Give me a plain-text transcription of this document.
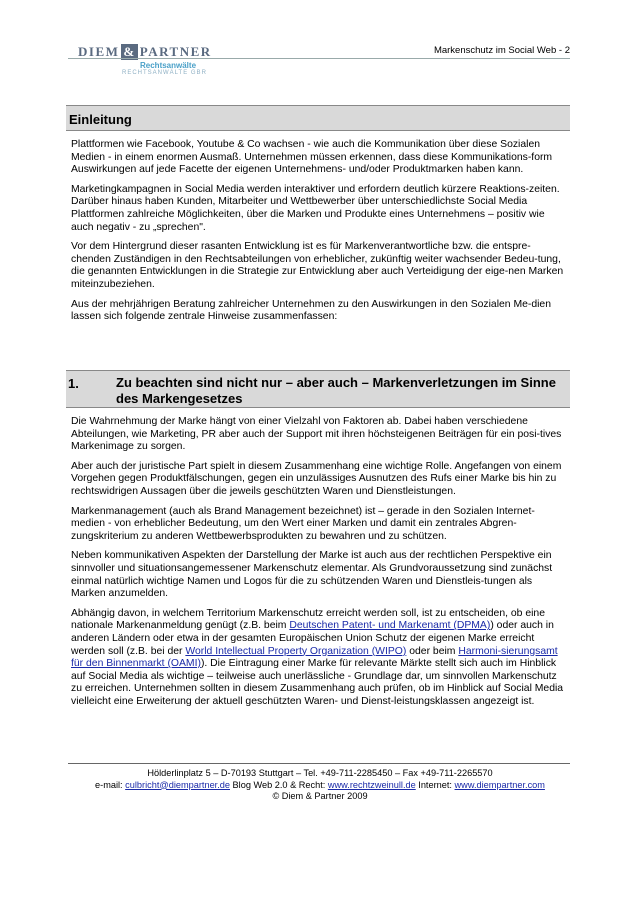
DIEM & PARTNER
Rechtsanwälte
RECHTSANWÄLTE GBR
Markenschutz im Social Web - 2
Einleitung

Plattformen wie Facebook, Youtube & Co wachsen - wie auch die Kommunikation über diese Sozialen Medien - in einem enormen Ausmaß. Unternehmen müssen erkennen, dass diese Kommunikations-form Auswirkungen auf jede Facette der eigenen Unternehmens- und/oder Produktmarken haben kann.

Marketingkampagnen in Social Media werden interaktiver und erfordern deutlich kürzere Reaktions-zeiten. Darüber hinaus haben Kunden, Mitarbeiter und Wettbewerber über unterschiedlichste Social Media Plattformen zahlreiche Möglichkeiten, über die Marken und Produkte eines Unternehmens – positiv wie auch negativ - zu „sprechen".

Vor dem Hintergrund dieser rasanten Entwicklung ist es für Markenverantwortliche bzw. die entspre-chenden Zuständigen in den Rechtsabteilungen von erheblicher, zukünftig weiter wachsender Bedeu-tung, die genannten Entwicklungen in die Strategie zur Entwicklung aber auch Verteidigung der eige-nen Marken miteinzubeziehen.

Aus der mehrjährigen Beratung zahlreicher Unternehmen zu den Auswirkungen in den Sozialen Me-dien lassen sich folgende zentrale Hinweise zusammenfassen:

1.	Zu beachten sind nicht nur – aber auch – Markenverletzungen im Sinne des Markengesetzes

Die Wahrnehmung der Marke hängt von einer Vielzahl von Faktoren ab. Dabei haben verschiedene Abteilungen, wie Marketing, PR aber auch der Support mit ihren höchsteigenen Beiträgen für ein posi-tives Markenimage zu sorgen.

Aber auch der juristische Part spielt in diesem Zusammenhang eine wichtige Rolle. Angefangen von einem Vorgehen gegen Produktfälschungen, gegen ein unzulässiges Ausnutzen des Rufs einer Marke bis hin zu rechtswidrigen Aussagen über die jeweils geschützten Waren und Dienstleistungen.

Markenmanagement (auch als Brand Management bezeichnet) ist – gerade in den Sozialen Internet-medien - von erheblicher Bedeutung, um den Wert einer Marken und damit ein zentrales Abgren-zungskriterium zu anderen Wettbewerbsprodukten zu bewahren und zu schützen.

Neben kommunikativen Aspekten der Darstellung der Marke ist auch aus der rechtlichen Perspektive ein sinnvoller und situationsangemessener Markenschutz elementar. Als Grundvoraussetzung sind zunächst einmal natürlich wichtige Namen und Logos für die zu schützenden Waren und Dienstleis-tungen als Marken anzumelden.

Abhängig davon, in welchem Territorium Markenschutz erreicht werden soll, ist zu entscheiden, ob eine nationale Markenanmeldung genügt (z.B. beim Deutschen Patent- und Markenamt (DPMA)) oder auch in anderen Ländern oder etwa in der gesamten Europäischen Union Schutz der eigenen Marke erreicht werden soll (z.B. bei der World Intellectual Property Organization (WIPO) oder beim Harmoni-sierungsamt für den Binnenmarkt (OAMI)). Die Eintragung einer Marke für relevante Märkte stellt sich auch im Hinblick auf Social Media als wichtige – teilweise auch unerlässliche - Grundlage dar, um sinnvollen Markenschutz zu erreichen. Unternehmen sollten in diesem Zusammenhang auch prüfen, ob im Hinblick auf Social Media vielleicht eine Erweiterung der aktuell geschützten Waren- und Dienst-leistungsklassen angezeigt ist.

Hölderlinplatz 5 – D-70193 Stuttgart – Tel. +49-711-2285450 – Fax +49-711-2265570
e-mail: culbricht@diempartner.de Blog Web 2.0 & Recht: www.rechtzweinull.de Internet: www.diempartner.com
© Diem & Partner 2009
